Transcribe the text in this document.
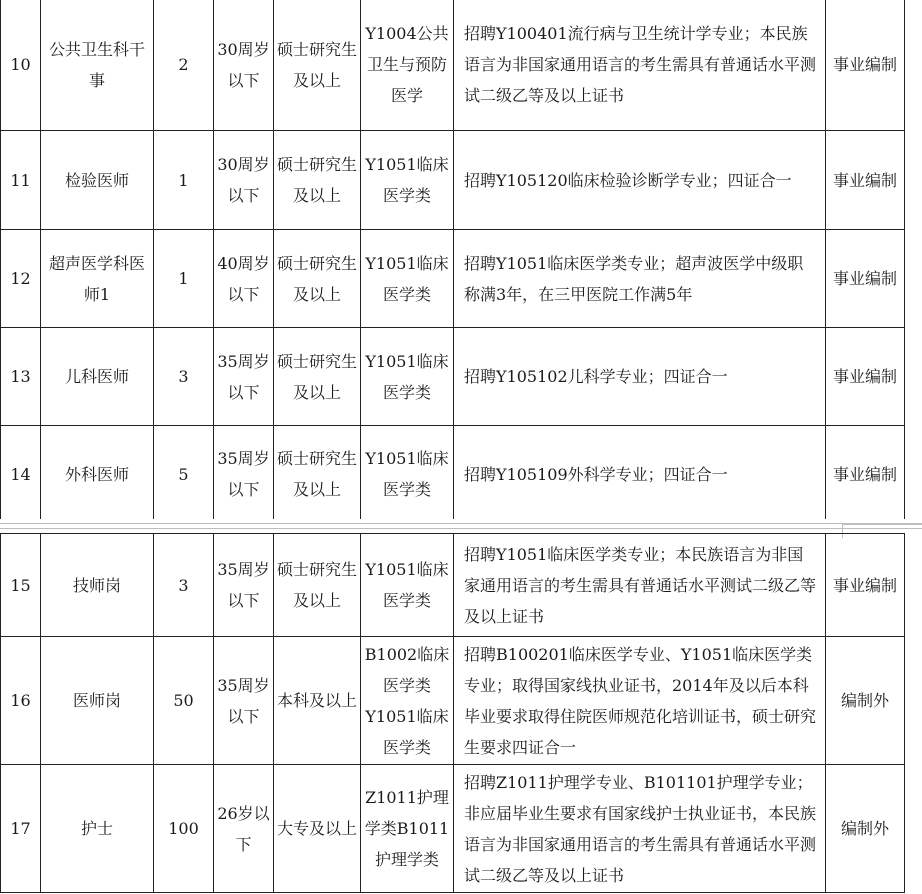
10	公共卫生科干事	2	30周岁以下	硕士研究生及以上	Y1004公共卫生与预防医学	招聘Y100401流行病与卫生统计学专业；本民族语言为非国家通用语言的考生需具有普通话水平测试二级乙等及以上证书	事业编制
11	检验医师	1	30周岁以下	硕士研究生及以上	Y1051临床医学类	招聘Y105120临床检验诊断学专业；四证合一	事业编制
12	超声医学科医师1	1	40周岁以下	硕士研究生及以上	Y1051临床医学类	招聘Y1051临床医学类专业；超声波医学中级职称满3年，在三甲医院工作满5年	事业编制
13	儿科医师	3	35周岁以下	硕士研究生及以上	Y1051临床医学类	招聘Y105102儿科学专业；四证合一	事业编制
14	外科医师	5	35周岁以下	硕士研究生及以上	Y1051临床医学类	招聘Y105109外科学专业；四证合一	事业编制
15	技师岗	3	35周岁以下	硕士研究生及以上	Y1051临床医学类	招聘Y1051临床医学类专业；本民族语言为非国家通用语言的考生需具有普通话水平测试二级乙等及以上证书	事业编制
16	医师岗	50	35周岁以下	本科及以上	B1002临床医学类Y1051临床医学类	招聘B100201临床医学专业、Y1051临床医学类专业；取得国家线执业证书，2014年及以后本科毕业要求取得住院医师规范化培训证书，硕士研究生要求四证合一	编制外
17	护士	100	26岁以下	大专及以上	Z1011护理学类B1011护理学类	招聘Z1011护理学专业、B101101护理学专业；非应届毕业生要求有国家线护士执业证书，本民族语言为非国家通用语言的考生需具有普通话水平测试二级乙等及以上证书	编制外
